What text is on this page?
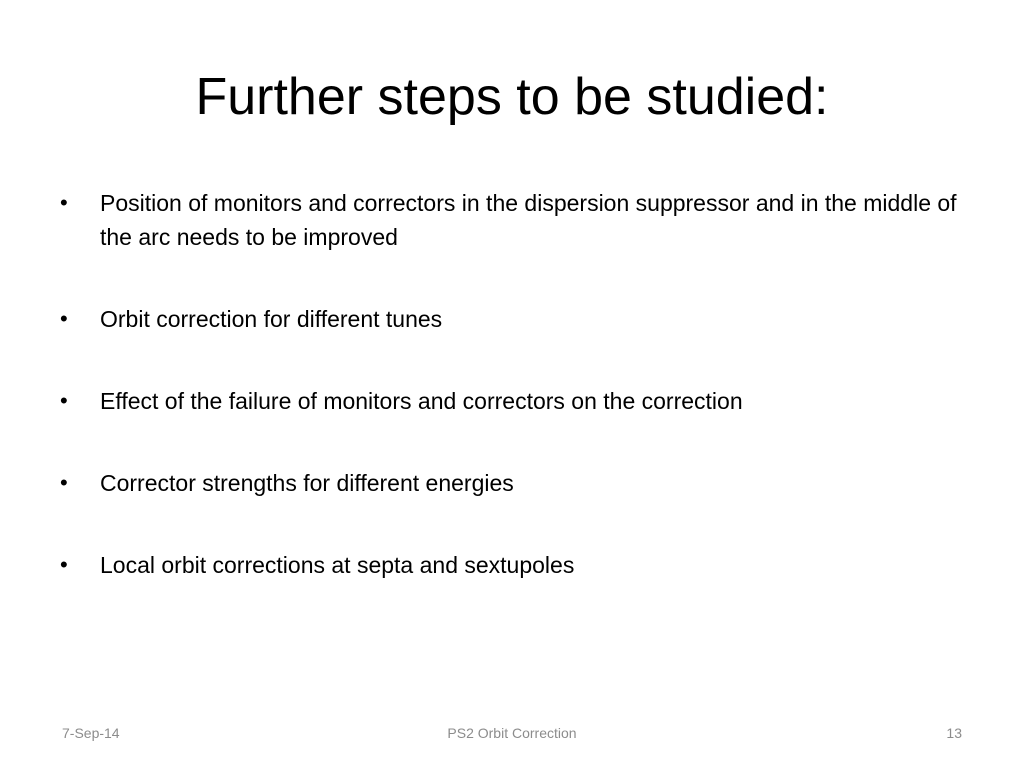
Further steps to be studied:
•	Position of monitors and correctors in the dispersion suppressor and in the middle of the arc needs to be improved
•	Orbit correction for different tunes
•	Effect of the failure of monitors and correctors on the correction
•	Corrector strengths for different energies
•	Local orbit corrections at septa and sextupoles
7-Sep-14	PS2 Orbit Correction	13
